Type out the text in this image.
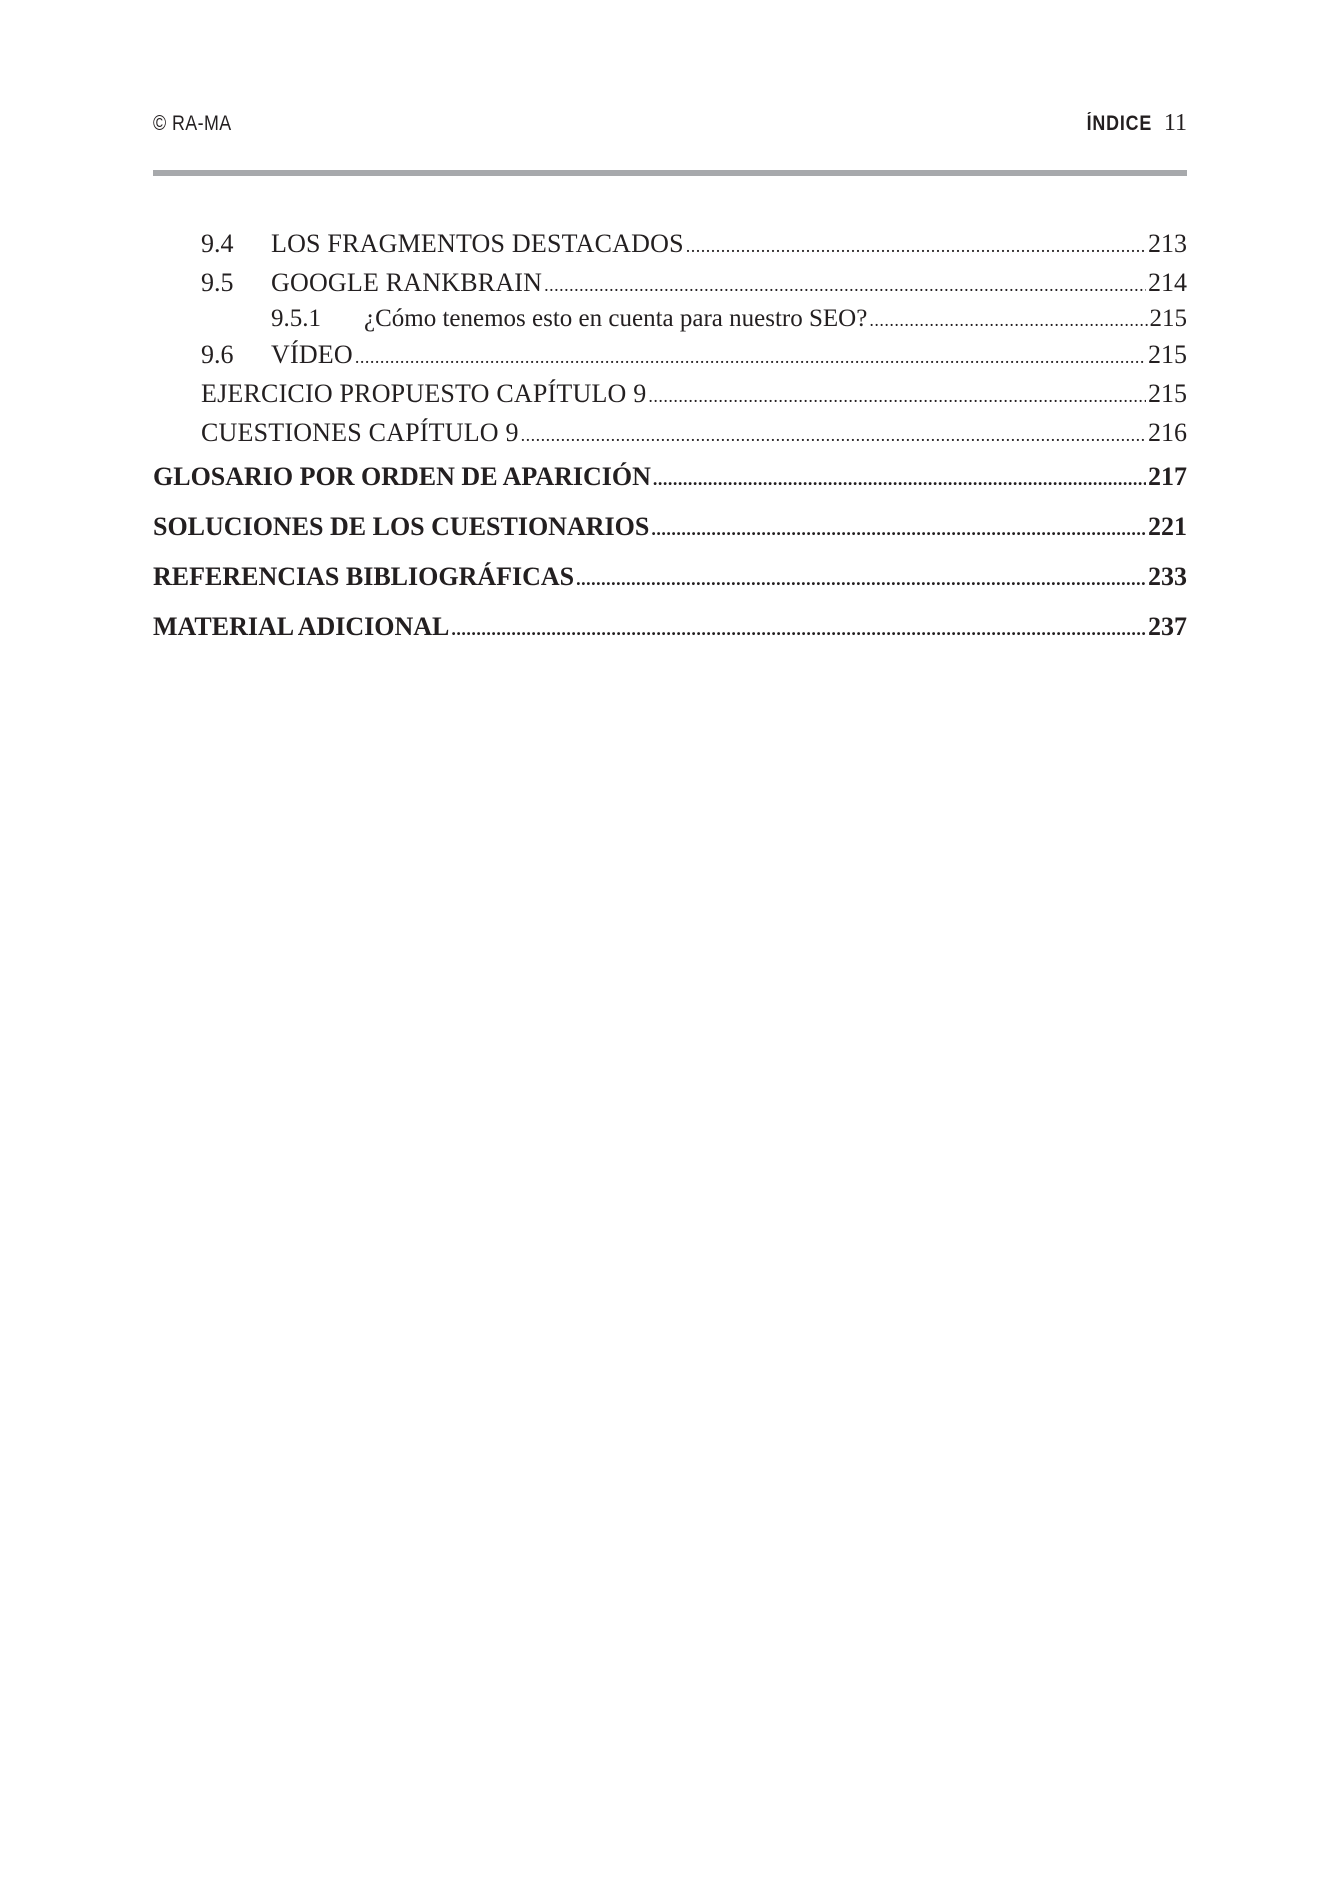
© RA-MA	ÍNDICE 11
9.4	LOS FRAGMENTOS DESTACADOS . . .	213
9.5	GOOGLE RANKBRAIN . . .	214
9.5.1	¿Cómo tenemos esto en cuenta para nuestro SEO? . . .	215
9.6	VÍDEO . . .	215
EJERCICIO PROPUESTO CAPÍTULO 9 . . .	215
CUESTIONES CAPÍTULO 9 . . .	216
GLOSARIO POR ORDEN DE APARICIÓN . . .	217
SOLUCIONES DE LOS CUESTIONARIOS . . .	221
REFERENCIAS BIBLIOGRÁFICAS . . .	233
MATERIAL ADICIONAL . . .	237
